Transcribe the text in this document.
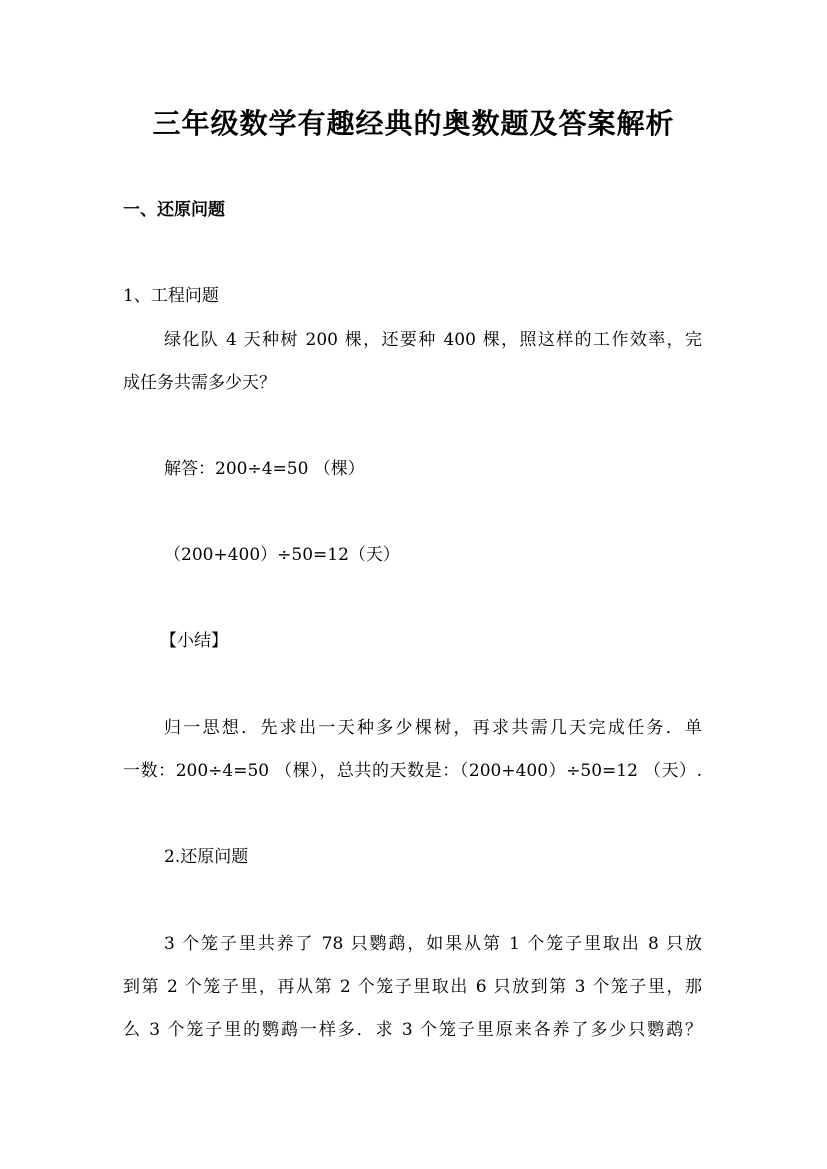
三年级数学有趣经典的奥数题及答案解析
一、还原问题
1、工程问题
绿化队 4 天种树 200 棵，还要种 400 棵，照这样的工作效率，完
成任务共需多少天？
解答：200÷4=50 （棵）
（200+400）÷50=12（天）
【小结】
归一思想．先求出一天种多少棵树，再求共需几天完成任务．单
一数：200÷4=50 （棵），总共的天数是：（200+400）÷50=12 （天）.
2.还原问题
3 个笼子里共养了 78 只鹦鹉，如果从第 1 个笼子里取出 8 只放
到第 2 个笼子里，再从第 2 个笼子里取出 6 只放到第 3 个笼子里，那
么 3 个笼子里的鹦鹉一样多．求 3 个笼子里原来各养了多少只鹦鹉？
